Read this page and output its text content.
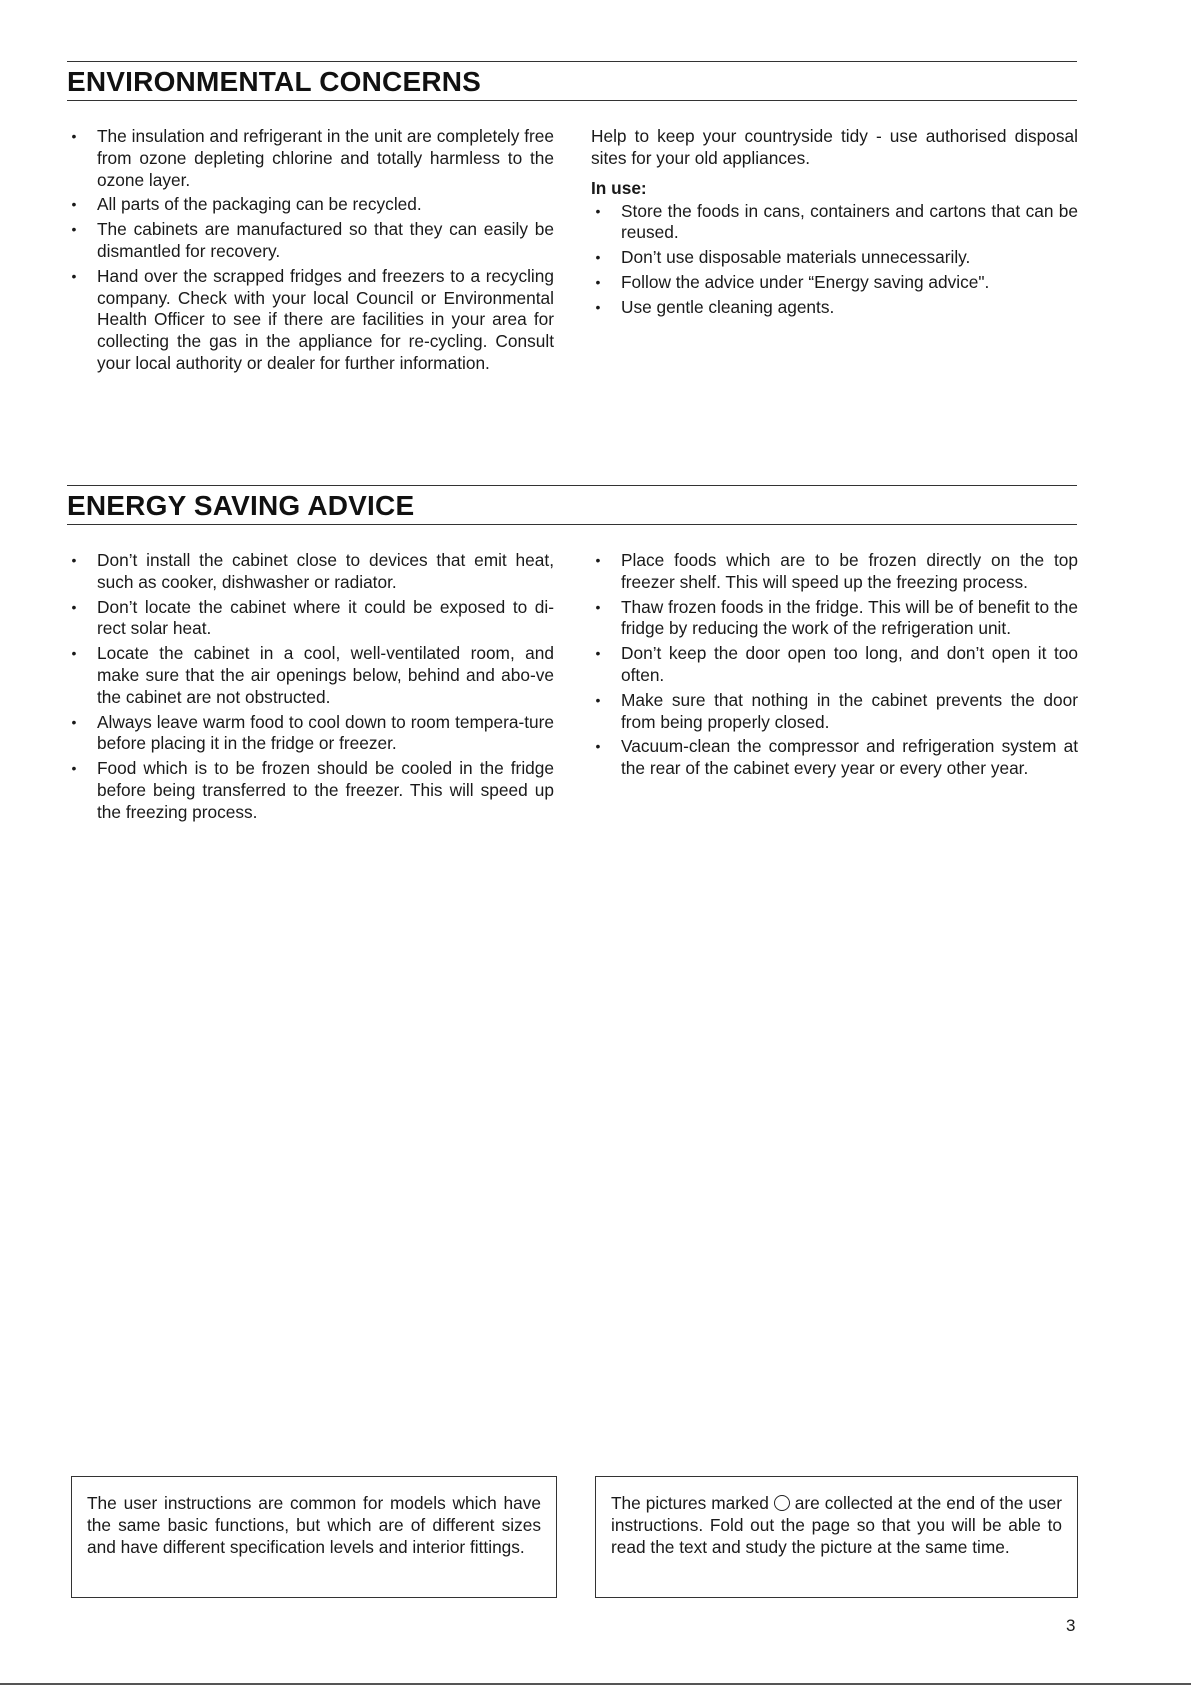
ENVIRONMENTAL CONCERNS
• The insulation and refrigerant in the unit are completely free from ozone depleting chlorine and totally harmless to the ozone layer.
• All parts of the packaging can be recycled.
• The cabinets are manufactured so that they can easily be dismantled for recovery.
• Hand over the scrapped fridges and freezers to a recycling company. Check with your local Council or Environmental Health Officer to see if there are facilities in your area for collecting the gas in the appliance for re-cycling. Consult your local authority or dealer for further information.

Help to keep your countryside tidy - use authorised disposal sites for your old appliances.

In use:
• Store the foods in cans, containers and cartons that can be reused.
• Don’t use disposable materials unnecessarily.
• Follow the advice under “Energy saving advice".
• Use gentle cleaning agents.
ENERGY SAVING ADVICE
• Don’t install the cabinet close to devices that emit heat, such as cooker, dishwasher or radiator.
• Don’t locate the cabinet where it could be exposed to di-rect solar heat.
• Locate the cabinet in a cool, well-ventilated room, and make sure that the air openings below, behind and abo-ve the cabinet are not obstructed.
• Always leave warm food to cool down to room tempera-ture before placing it in the fridge or freezer.
• Food which is to be frozen should be cooled in the fridge before being transferred to the freezer. This will speed up the freezing process.
• Place foods which are to be frozen directly on the top freezer shelf. This will speed up the freezing process.
• Thaw frozen foods in the fridge. This will be of benefit to the fridge by reducing the work of the refrigeration unit.
• Don’t keep the door open too long, and don’t open it too often.
• Make sure that nothing in the cabinet prevents the door from being properly closed.
• Vacuum-clean the compressor and refrigeration system at the rear of the cabinet every year or every other year.

The user instructions are common for models which have the same basic functions, but which are of different sizes and have different specification levels and interior fittings.

The pictures marked are collected at the end of the user instructions. Fold out the page so that you will be able to read the text and study the picture at the same time.

3
